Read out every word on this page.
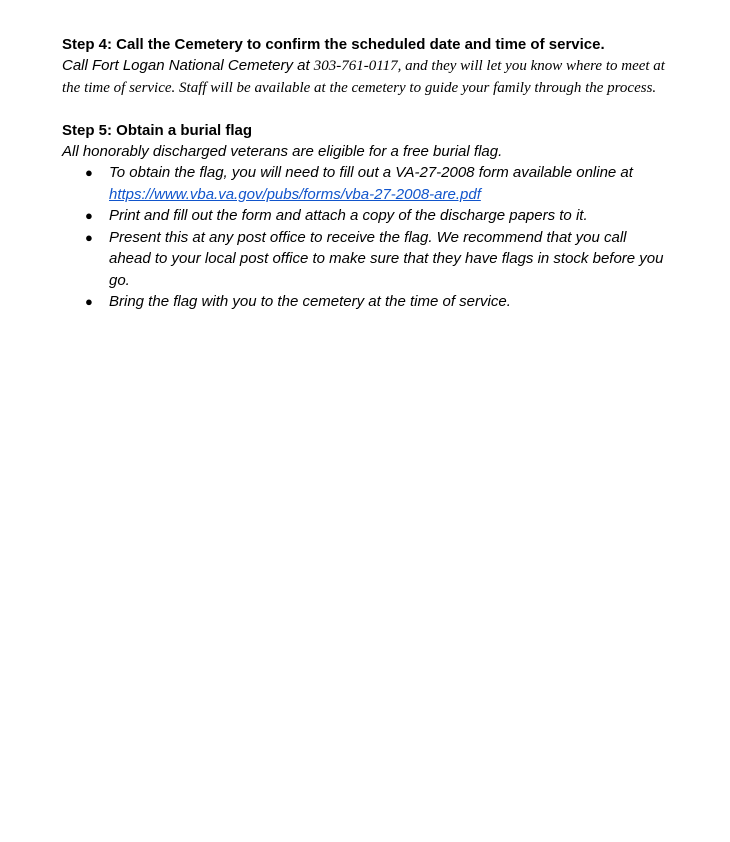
Step 4: Call the Cemetery to confirm the scheduled date and time of service.

Call Fort Logan National Cemetery at 303-761-0117, and they will let you know where to meet at the time of service. Staff will be available at the cemetery to guide your family through the process.

Step 5: Obtain a burial flag

All honorably discharged veterans are eligible for a free burial flag.

● To obtain the flag, you will need to fill out a VA-27-2008 form available online at https://www.vba.va.gov/pubs/forms/vba-27-2008-are.pdf
● Print and fill out the form and attach a copy of the discharge papers to it.
● Present this at any post office to receive the flag. We recommend that you call ahead to your local post office to make sure that they have flags in stock before you go.
● Bring the flag with you to the cemetery at the time of service.
